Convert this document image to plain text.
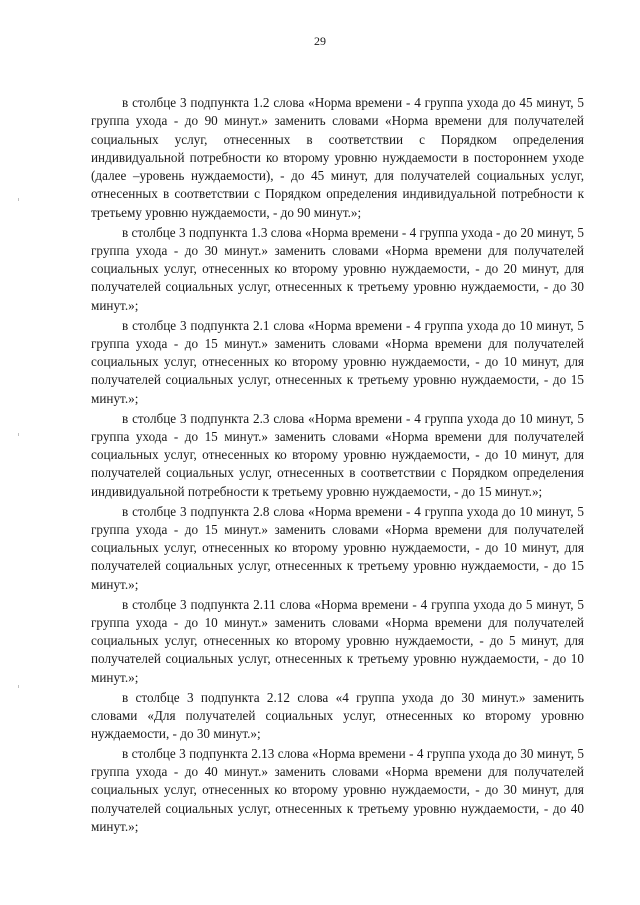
29

в столбце 3 подпункта 1.2 слова «Норма времени - 4 группа ухода до 45 минут, 5 группа ухода - до 90 минут.» заменить словами «Норма времени для получателей социальных услуг, отнесенных в соответствии с Порядком определения индивидуальной потребности ко второму уровню нуждаемости в постороннем уходе (далее –уровень нуждаемости), - до 45 минут, для получателей социальных услуг, отнесенных в соответствии с Порядком определения индивидуальной потребности к третьему уровню нуждаемости, - до 90 минут.»;

в столбце 3 подпункта 1.3 слова «Норма времени - 4 группа ухода - до 20 минут, 5 группа ухода - до 30 минут.» заменить словами «Норма времени для получателей социальных услуг, отнесенных ко второму уровню нуждаемости, - до 20 минут, для получателей социальных услуг, отнесенных к третьему уровню нуждаемости, - до 30 минут.»;

в столбце 3 подпункта 2.1 слова «Норма времени - 4 группа ухода до 10 минут, 5 группа ухода - до 15 минут.» заменить словами «Норма времени для получателей социальных услуг, отнесенных ко второму уровню нуждаемости, - до 10 минут, для получателей социальных услуг, отнесенных к третьему уровню нуждаемости, - до 15 минут.»;

в столбце 3 подпункта 2.3 слова «Норма времени - 4 группа ухода до 10 минут, 5 группа ухода - до 15 минут.» заменить словами «Норма времени для получателей социальных услуг, отнесенных ко второму уровню нуждаемости, - до 10 минут, для получателей социальных услуг, отнесенных в соответствии с Порядком определения индивидуальной потребности к третьему уровню нуждаемости, - до 15 минут.»;

в столбце 3 подпункта 2.8 слова «Норма времени - 4 группа ухода до 10 минут, 5 группа ухода - до 15 минут.» заменить словами «Норма времени для получателей социальных услуг, отнесенных ко второму уровню нуждаемости, - до 10 минут, для получателей социальных услуг, отнесенных к третьему уровню нуждаемости, - до 15 минут.»;

в столбце 3 подпункта 2.11 слова «Норма времени - 4 группа ухода до 5 минут, 5 группа ухода - до 10 минут.» заменить словами «Норма времени для получателей социальных услуг, отнесенных ко второму уровню нуждаемости, - до 5 минут, для получателей социальных услуг, отнесенных к третьему уровню нуждаемости, - до 10 минут.»;

в столбце 3 подпункта 2.12 слова «4 группа ухода до 30 минут.» заменить словами «Для получателей социальных услуг, отнесенных ко второму уровню нуждаемости, - до 30 минут.»;

в столбце 3 подпункта 2.13 слова «Норма времени - 4 группа ухода до 30 минут, 5 группа ухода - до 40 минут.» заменить словами «Норма времени для получателей социальных услуг, отнесенных ко второму уровню нуждаемости, - до 30 минут, для получателей социальных услуг, отнесенных к третьему уровню нуждаемости, - до 40 минут.»;
